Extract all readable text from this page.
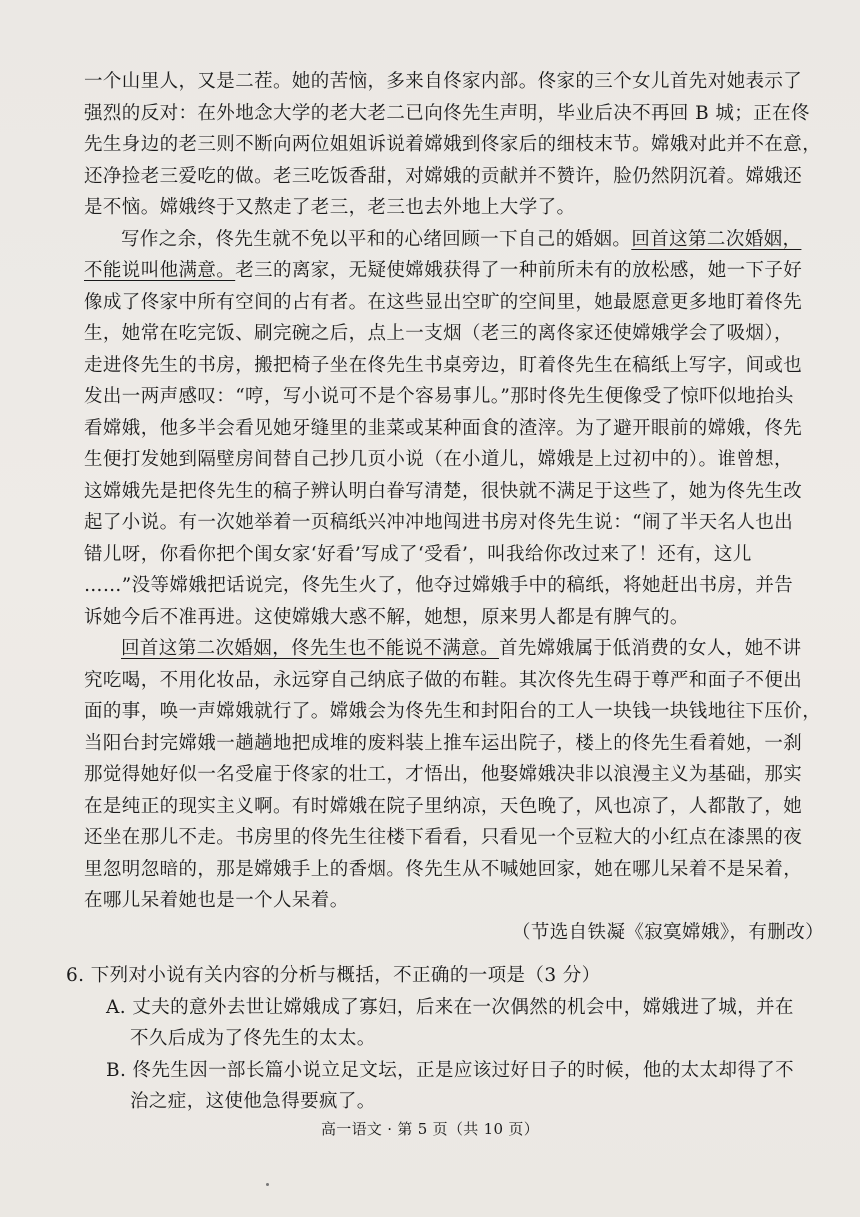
一个山里人，又是二茬。她的苦恼，多来自佟家内部。佟家的三个女儿首先对她表示了
强烈的反对：在外地念大学的老大老二已向佟先生声明，毕业后决不再回 B 城；正在佟
先生身边的老三则不断向两位姐姐诉说着嫦娥到佟家后的细枝末节。嫦娥对此并不在意，
还净捡老三爱吃的做。老三吃饭香甜，对嫦娥的贡献并不赞许，脸仍然阴沉着。嫦娥还
是不恼。嫦娥终于又熬走了老三，老三也去外地上大学了。
写作之余，佟先生就不免以平和的心绪回顾一下自己的婚姻。回首这第二次婚姻，
不能说叫他满意。老三的离家，无疑使嫦娥获得了一种前所未有的放松感，她一下子好
像成了佟家中所有空间的占有者。在这些显出空旷的空间里，她最愿意更多地盯着佟先
生，她常在吃完饭、刷完碗之后，点上一支烟（老三的离佟家还使嫦娥学会了吸烟），
走进佟先生的书房，搬把椅子坐在佟先生书桌旁边，盯着佟先生在稿纸上写字，间或也
发出一两声感叹：“哼，写小说可不是个容易事儿。”那时佟先生便像受了惊吓似地抬头
看嫦娥，他多半会看见她牙缝里的韭菜或某种面食的渣滓。为了避开眼前的嫦娥，佟先
生便打发她到隔壁房间替自己抄几页小说（在小道儿，嫦娥是上过初中的）。谁曾想，
这嫦娥先是把佟先生的稿子辨认明白眷写清楚，很快就不满足于这些了，她为佟先生改
起了小说。有一次她举着一页稿纸兴冲冲地闯进书房对佟先生说：“闹了半天名人也出
错儿呀，你看你把个闺女家‘好看’写成了‘受看’，叫我给你改过来了！还有，这儿
……”没等嫦娥把话说完，佟先生火了，他夺过嫦娥手中的稿纸，将她赶出书房，并告
诉她今后不准再进。这使嫦娥大惑不解，她想，原来男人都是有脾气的。
回首这第二次婚姻，佟先生也不能说不满意。首先嫦娥属于低消费的女人，她不讲
究吃喝，不用化妆品，永远穿自己纳底子做的布鞋。其次佟先生碍于尊严和面子不便出
面的事，唤一声嫦娥就行了。嫦娥会为佟先生和封阳台的工人一块钱一块钱地往下压价，
当阳台封完嫦娥一趟趟地把成堆的废料装上推车运出院子，楼上的佟先生看着她，一刹
那觉得她好似一名受雇于佟家的壮工，才悟出，他娶嫦娥决非以浪漫主义为基础，那实
在是纯正的现实主义啊。有时嫦娥在院子里纳凉，天色晚了，风也凉了，人都散了，她
还坐在那儿不走。书房里的佟先生往楼下看看，只看见一个豆粒大的小红点在漆黑的夜
里忽明忽暗的，那是嫦娥手上的香烟。佟先生从不喊她回家，她在哪儿呆着不是呆着，
在哪儿呆着她也是一个人呆着。
（节选自铁凝《寂寞嫦娥》，有删改）
6. 下列对小说有关内容的分析与概括，不正确的一项是（3 分）
A. 丈夫的意外去世让嫦娥成了寡妇，后来在一次偶然的机会中，嫦娥进了城，并在
不久后成为了佟先生的太太。
B. 佟先生因一部长篇小说立足文坛，正是应该过好日子的时候，他的太太却得了不
治之症，这使他急得要疯了。
高一语文 · 第 5 页（共 10 页）
